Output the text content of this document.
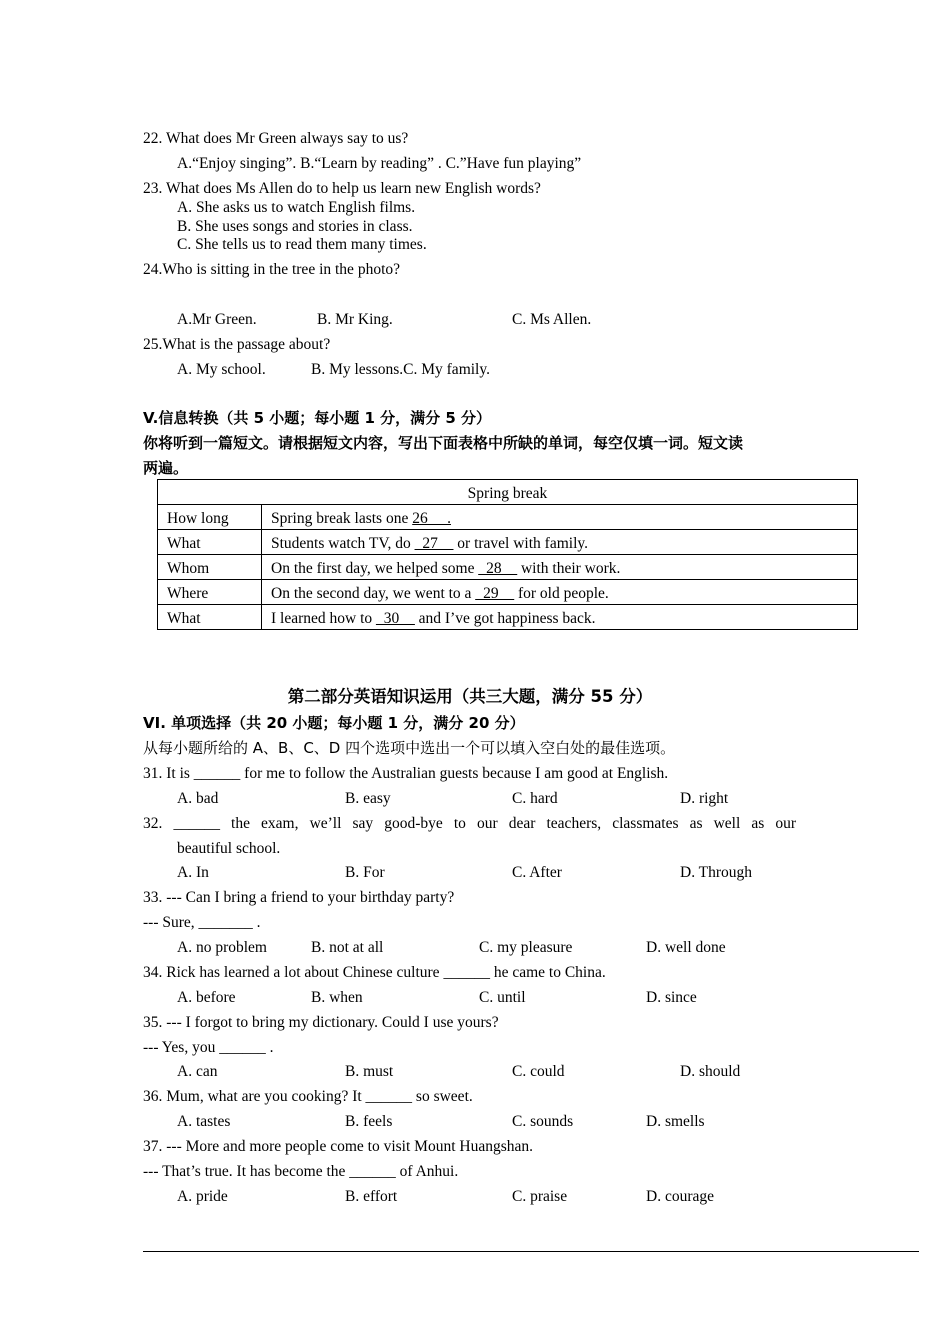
22. What does Mr Green always say to us?
A.“Enjoy singing”. B.“Learn by reading” . C.”Have fun playing”
23. What does Ms Allen do to help us learn new English words?
A. She asks us to watch English films.
B. She uses songs and stories in class.
C. She tells us to read them many times.
24.Who is sitting in the tree in the photo?
A.Mr Green.	B. Mr King.	C. Ms Allen.
25.What is the passage about?
A. My school.	B. My lessons.C. My family.
V.信息转换（共 5 小题；每小题 1 分，满分 5 分）
你将听到一篇短文。请根据短文内容，写出下面表格中所缺的单词，每空仅填一词。短文读
两遍。
Spring break	
How long	Spring break lasts one 26 __.
What	Students watch TV, do _27__ or travel with family.
Whom	On the first day, we helped some _28__ with their work.
Where	On the second day, we went to a _29__ for old people.
What	I learned how to _30__ and I’ve got happiness back.
第二部分英语知识运用（共三大题，满分 55 分）
VI. 单项选择（共 20 小题；每小题 1 分，满分 20 分）
从每小题所给的 A、B、C、D 四个选项中选出一个可以填入空白处的最佳选项。
31. It is ______ for me to follow the Australian guests because I am good at English.
A. bad	B. easy	C. hard	D. right
32. ______ the exam, we’ll say good-bye to our dear teachers, classmates as well as our
beautiful school.
A. In	B. For	C. After	D. Through
33. --- Can I bring a friend to your birthday party?
--- Sure, _______ .
A. no problem	B. not at all	C. my pleasure	D. well done
34. Rick has learned a lot about Chinese culture ______ he came to China.
A. before	B. when	C. until	D. since
35. --- I forgot to bring my dictionary. Could I use yours?
--- Yes, you ______ .
A. can	B. must	C. could	D. should
36. Mum, what are you cooking? It ______ so sweet.
A. tastes	B. feels	C. sounds	D. smells
37. --- More and more people come to visit Mount Huangshan.
--- That’s true. It has become the ______ of Anhui.
A. pride	B. effort	C. praise	D. courage
